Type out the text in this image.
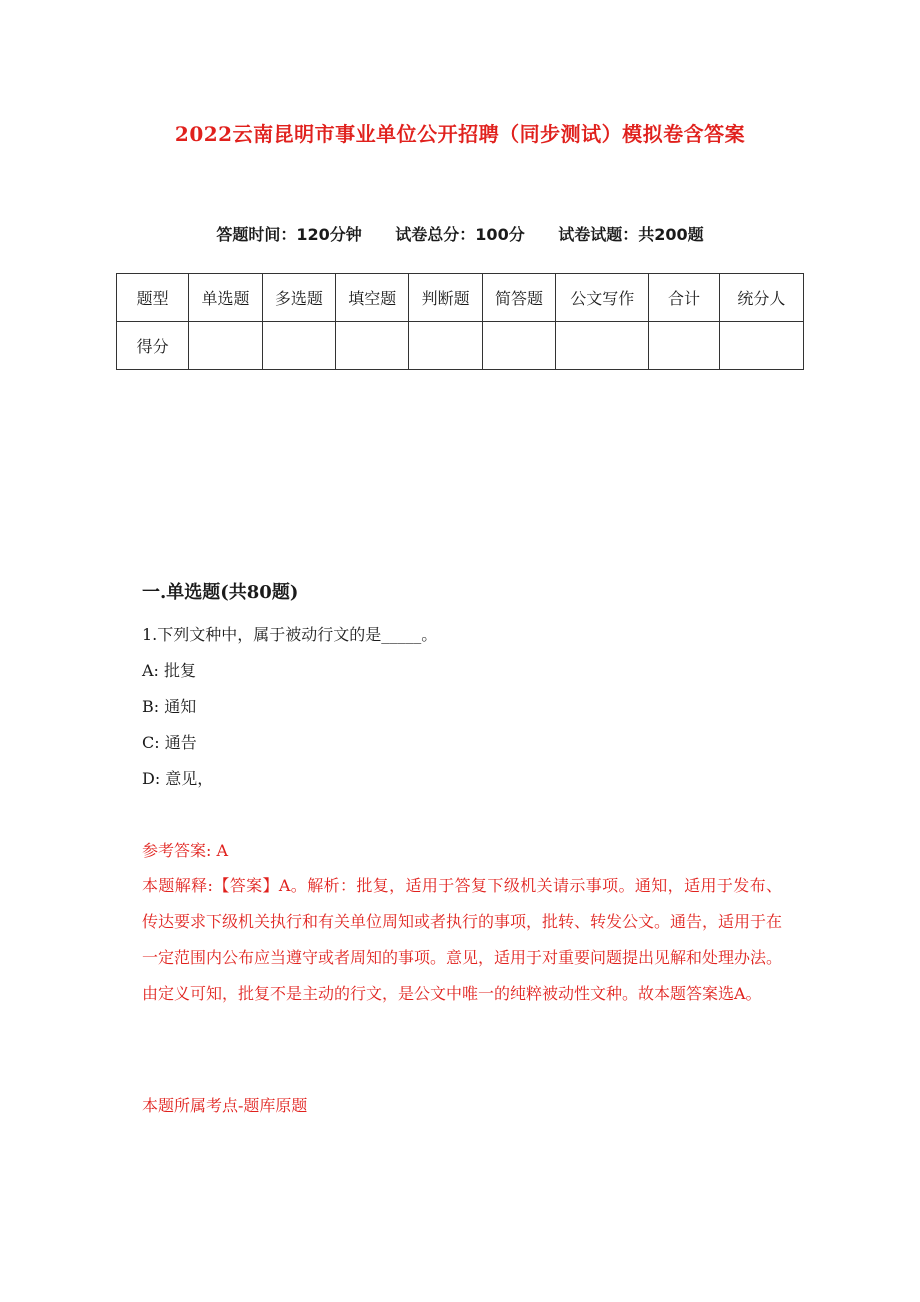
2022云南昆明市事业单位公开招聘（同步测试）模拟卷含答案
答题时间：120分钟 试卷总分：100分 试卷试题：共200题
题型	单选题	多选题	填空题	判断题	简答题	公文写作	合计	统分人
得分								
一.单选题(共80题)
1.下列文种中，属于被动行文的是_____。
A: 批复
B: 通知
C: 通告
D: 意见，
参考答案: A
本题解释:【答案】A。解析：批复，适用于答复下级机关请示事项。通知，适用于发布、传达要求下级机关执行和有关单位周知或者执行的事项，批转、转发公文。通告，适用于在一定范围内公布应当遵守或者周知的事项。意见，适用于对重要问题提出见解和处理办法。由定义可知，批复不是主动的行文，是公文中唯一的纯粹被动性文种。故本题答案选A。
本题所属考点-题库原题
